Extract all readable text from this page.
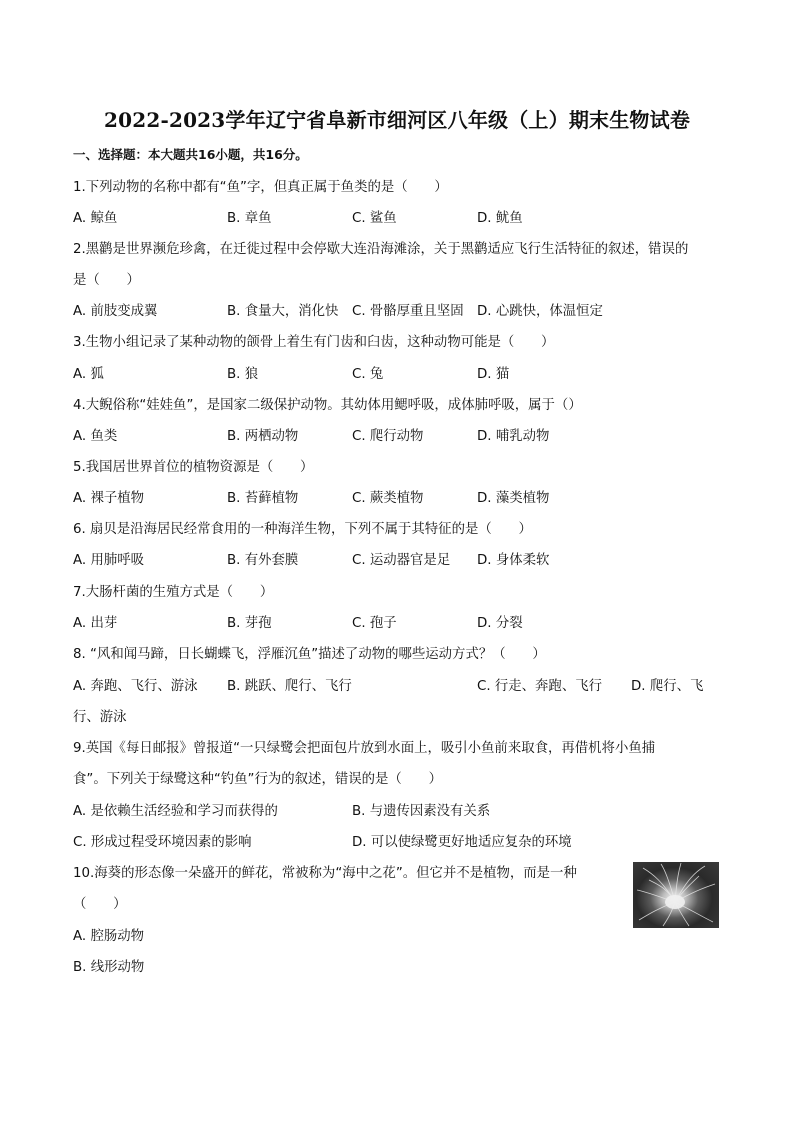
2022-2023学年辽宁省阜新市细河区八年级（上）期末生物试卷
一、选择题：本大题共16小题，共16分。
1.下列动物的名称中都有“鱼”字，但真正属于鱼类的是（　　）
A. 鲸鱼	B. 章鱼	C. 鲨鱼	D. 鱿鱼
2.黑鹳是世界濒危珍禽，在迁徙过程中会停歇大连沿海滩涂，关于黑鹳适应飞行生活特征的叙述，错误的
是（　　）
A. 前肢变成翼	B. 食量大，消化快 C. 骨骼厚重且坚固 D. 心跳快，体温恒定
3.生物小组记录了某种动物的颌骨上着生有门齿和臼齿，这种动物可能是（　　）
A. 狐	B. 狼	C. 兔	D. 猫
4.大鲵俗称“娃娃鱼”，是国家二级保护动物。其幼体用鳃呼吸，成体肺呼吸，属于（）
A. 鱼类	B. 两栖动物	C. 爬行动物	D. 哺乳动物
5.我国居世界首位的植物资源是（　　）
A. 裸子植物	B. 苔藓植物	C. 蕨类植物	D. 藻类植物
6. 扇贝是沿海居民经常食用的一种海洋生物，下列不属于其特征的是（　　）
A. 用肺呼吸	B. 有外套膜	C. 运动器官是足 D. 身体柔软
7.大肠杆菌的生殖方式是（　　）
A. 出芽	B. 芽孢	C. 孢子	D. 分裂
8. “风和闻马蹄，日长蝴蝶飞，浮雁沉鱼”描述了动物的哪些运动方式？（　　）
A. 奔跑、飞行、游泳 B. 跳跃、爬行、飞行	C. 行走、奔跑、飞行 D. 爬行、飞
行、游泳
9.英国《每日邮报》曾报道“一只绿鹭会把面包片放到水面上，吸引小鱼前来取食，再借机将小鱼捕
食”。下列关于绿鹭这种“钓鱼”行为的叙述，错误的是（　　）
A. 是依赖生活经验和学习而获得的	B. 与遗传因素没有关系
C. 形成过程受环境因素的影响	D. 可以使绿鹭更好地适应复杂的环境
10.海葵的形态像一朵盛开的鲜花，常被称为“海中之花”。但它并不是植物，而是一种
（　　）
A. 腔肠动物
B. 线形动物
